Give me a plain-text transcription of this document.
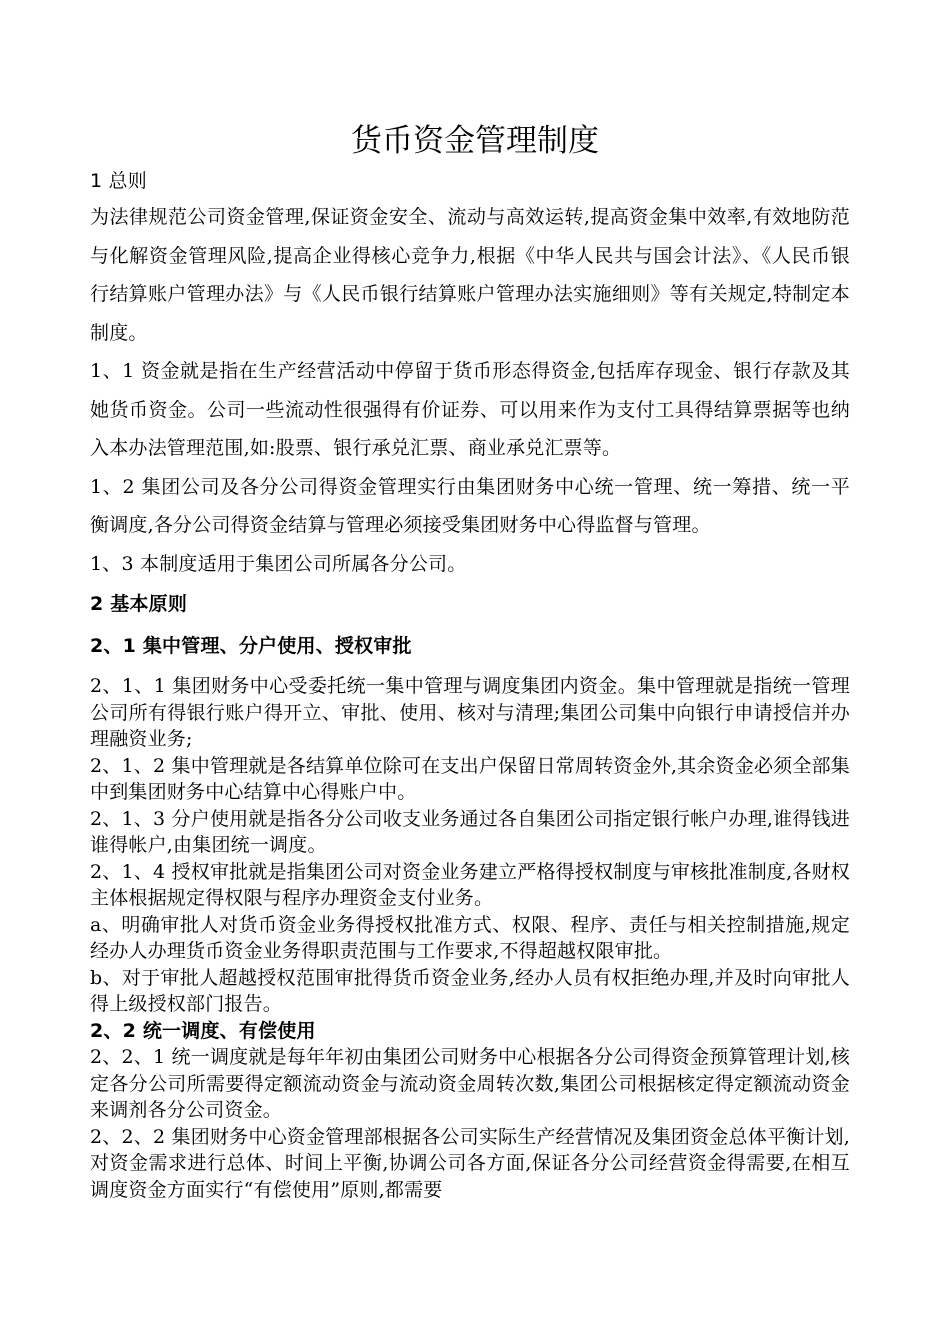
货币资金管理制度

1 总则

为法律规范公司资金管理,保证资金安全、流动与高效运转,提高资金集中效率,有效地防范与化解资金管理风险,提高企业得核心竞争力,根据《中华人民共与国会计法》、《人民币银行结算账户管理办法》与《人民币银行结算账户管理办法实施细则》等有关规定,特制定本制度。

1、1 资金就是指在生产经营活动中停留于货币形态得资金,包括库存现金、银行存款及其她货币资金。公司一些流动性很强得有价证券、可以用来作为支付工具得结算票据等也纳入本办法管理范围,如:股票、银行承兑汇票、商业承兑汇票等。

1、2 集团公司及各分公司得资金管理实行由集团财务中心统一管理、统一筹措、统一平衡调度,各分公司得资金结算与管理必须接受集团财务中心得监督与管理。

1、3 本制度适用于集团公司所属各分公司。

2 基本原则

2、1 集中管理、分户使用、授权审批

2、1、1 集团财务中心受委托统一集中管理与调度集团内资金。集中管理就是指统一管理公司所有得银行账户得开立、审批、使用、核对与清理;集团公司集中向银行申请授信并办理融资业务;

2、1、2 集中管理就是各结算单位除可在支出户保留日常周转资金外,其余资金必须全部集中到集团财务中心结算中心得账户中。

2、1、3 分户使用就是指各分公司收支业务通过各自集团公司指定银行帐户办理,谁得钱进谁得帐户,由集团统一调度。

2、1、4 授权审批就是指集团公司对资金业务建立严格得授权制度与审核批准制度,各财权主体根据规定得权限与程序办理资金支付业务。

a、明确审批人对货币资金业务得授权批准方式、权限、程序、责任与相关控制措施,规定经办人办理货币资金业务得职责范围与工作要求,不得超越权限审批。

b、对于审批人超越授权范围审批得货币资金业务,经办人员有权拒绝办理,并及时向审批人得上级授权部门报告。

2、2 统一调度、有偿使用

2、2、1 统一调度就是每年年初由集团公司财务中心根据各分公司得资金预算管理计划,核定各分公司所需要得定额流动资金与流动资金周转次数,集团公司根据核定得定额流动资金来调剂各分公司资金。

2、2、2 集团财务中心资金管理部根据各公司实际生产经营情况及集团资金总体平衡计划,对资金需求进行总体、时间上平衡,协调公司各方面,保证各分公司经营资金得需要,在相互调度资金方面实行“有偿使用”原则,都需要
